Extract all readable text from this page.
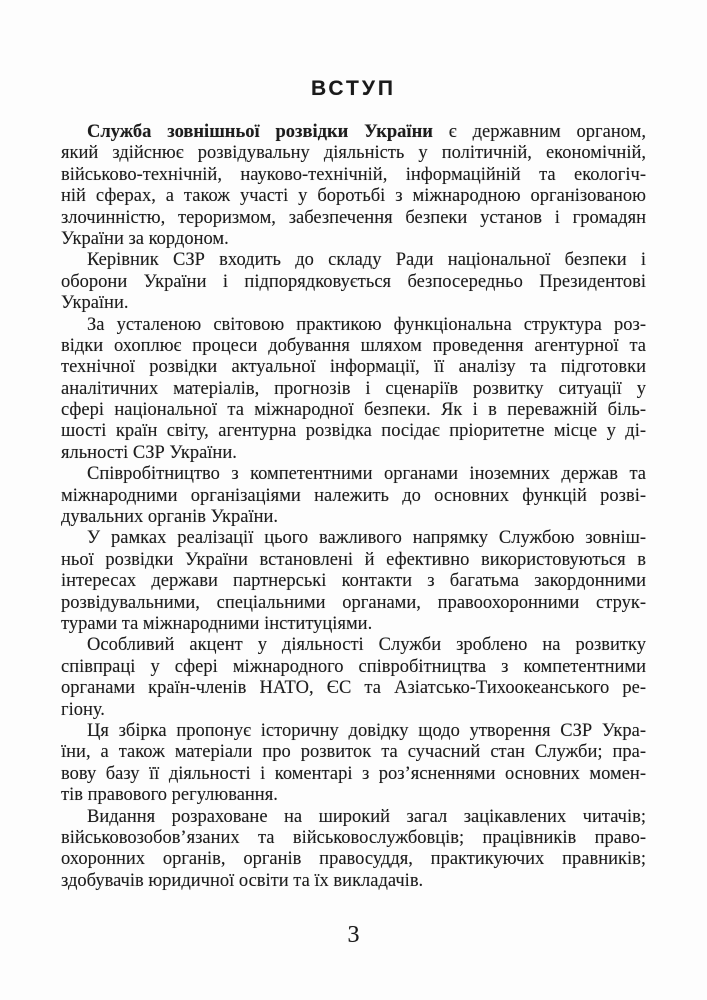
ВСТУП
Служба зовнішньої розвідки України є державним органом,
який здійснює розвідувальну діяльність у політичній, економічній,
військово-технічній, науково-технічній, інформаційній та екологіч-
ній сферах, а також участі у боротьбі з міжнародною організованою
злочинністю, тероризмом, забезпечення безпеки установ і громадян
України за кордоном.
Керівник СЗР входить до складу Ради національної безпеки і
оборони України і підпорядковується безпосередньо Президентові
України.
За усталеною світовою практикою функціональна структура роз-
відки охоплює процеси добування шляхом проведення агентурної та
технічної розвідки актуальної інформації, її аналізу та підготовки
аналітичних матеріалів, прогнозів і сценаріїв розвитку ситуації у
сфері національної та міжнародної безпеки. Як і в переважній біль-
шості країн світу, агентурна розвідка посідає пріоритетне місце у ді-
яльності СЗР України.
Співробітництво з компетентними органами іноземних держав та
міжнародними організаціями належить до основних функцій розві-
дувальних органів України.
У рамках реалізації цього важливого напрямку Службою зовніш-
ньої розвідки України встановлені й ефективно використовуються в
інтересах держави партнерські контакти з багатьма закордонними
розвідувальними, спеціальними органами, правоохоронними струк-
турами та міжнародними інституціями.
Особливий акцент у діяльності Служби зроблено на розвитку
співпраці у сфері міжнародного співробітництва з компетентними
органами країн-членів НАТО, ЄС та Азіатсько-Тихоокеанського ре-
гіону.
Ця збірка пропонує історичну довідку щодо утворення СЗР Укра-
їни, а також матеріали про розвиток та сучасний стан Служби; пра-
вову базу її діяльності і коментарі з роз’ясненнями основних момен-
тів правового регулювання.
Видання розраховане на широкий загал зацікавлених читачів;
військовозобов’язаних та військовослужбовців; працівників право-
охоронних органів, органів правосуддя, практикуючих правників;
здобувачів юридичної освіти та їх викладачів.
3
